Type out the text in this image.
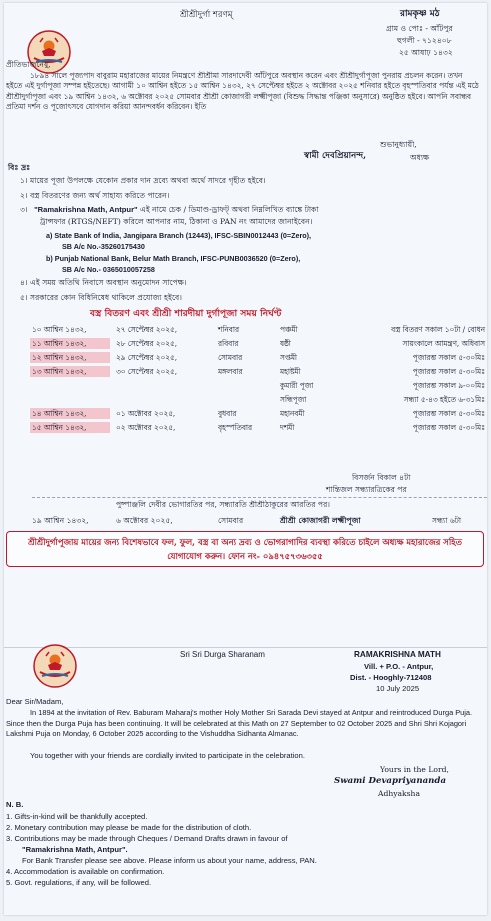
শ্রীশ্রীদুর্গা শরণম্‌	রামকৃষ্ণ মঠ
গ্রাম ও পোঃ - আঁটপুর
হুগলী - ৭১২৪০৮
২৫ আষাঢ় ১৪৩২
প্রীতিভাজনেষু,
১৮৯৪ সালে পূজ্যপাদ বাবুরাম মহারাজের মায়ের নিমন্ত্রণে শ্রীশ্রীমা সারদাদেবী আঁটপুরে অবস্থান করেন এবং শ্রীশ্রীদুর্গাপূজা পুনরায় প্রচলন করেন। তখন হইতে এই দুর্গাপূজা সম্পন্ন হইতেছে। আগামী ১০ আশ্বিন হইতে ১৫ আশ্বিন ১৪৩২, ২৭ সেপ্টেম্বর হইতে ২ অক্টোবর ২০২৫ শনিবার হইতে বৃহস্পতিবার পর্যন্ত এই মঠে শ্রীশ্রীদুর্গাপূজা এবং ১৯ আশ্বিন ১৪৩২, ৬ অক্টোবর ২০২৫ সোমবার শ্রীশ্রী কোজাগরী লক্ষ্মীপূজা (বিশুদ্ধ সিদ্ধান্ত পঞ্জিকা অনুসারে) অনুষ্ঠিত হইবে। আপনি সবান্ধব প্রতিমা দর্শন ও পূজোৎসবে যোগদান করিয়া আনন্দবর্ধন করিবেন। ইতি
শুভানুধ্যায়ী,
স্বামী দেবপ্রিয়ানন্দ,	অধ্যক্ষ
বিঃ দ্রঃ
১। মায়ের পূজা উপলক্ষে যেকোন প্রকার দান দ্রব্যে অথবা অর্থে সাদরে গৃহীত হইবে।
২। বস্ত্র বিতরণের জন্য অর্থ সাহায্য করিতে পারেন।
৩। "Ramakrishna Math, Antpur" এই নামে চেক / ডিমাণ্ড-ড্রাফট্‌ অথবা নিম্নলিখিত ব্যাঙ্কে টাকা
ট্রান্সফার (RTGS/NEFT) করিলে আপনার নাম, ঠিকানা ও PAN নং আমাদের জানাইবেন।
a) State Bank of India, Jangipara Branch (12443), IFSC-SBIN0012443 (0=Zero),
SB A/c No.-35260175430
b) Punjab National Bank, Belur Math Branch, IFSC-PUNB0036520 (0=Zero),
SB A/c No.- 0365010057258
৪। এই সময় অতিথি নিবাসে অবস্থান অনুমোদন সাপেক্ষ।
৫। সরকারের কোন বিধিনিষেধ থাকিলে প্রযোজ্য হইবে।
বস্ত্র বিতরণ এবং শ্রীশ্রী শারদীয়া দুর্গাপূজা সময় নির্ঘণ্ট
১০ আশ্বিন ১৪৩২,	২৭ সেপ্টেম্বর ২০২৫,	শনিবার	পঞ্চমী	বস্ত্র বিতরণ সকাল ১০টা / বোধন
১১ আশ্বিন ১৪৩২,	২৮ সেপ্টেম্বর ২০২৫,	রবিবার	ষষ্ঠী	সায়ংকালে আমন্ত্রণ, অধিবাস
১২ আশ্বিন ১৪৩২,	২৯ সেপ্টেম্বর ২০২৫,	সোমবার	সপ্তমী	পূজারম্ভ সকাল ৫-৩০মিঃ
১৩ আশ্বিন ১৪৩২,	৩০ সেপ্টেম্বর ২০২৫,	মঙ্গলবার	মহাষ্টমী	পূজারম্ভ সকাল ৫-৩০মিঃ
কুমারী পূজা	পূজারম্ভ সকাল ৯-০০মিঃ
সন্ধিপূজা	সন্ধ্যা ৫-৪৩ হইতে ৬-৩১মিঃ
১৪ আশ্বিন ১৪৩২,	০১ অক্টোবর ২০২৫,	বুধবার	মহানবমী	পূজারম্ভ সকাল ৫-৩০মিঃ
১৫ আশ্বিন ১৪৩২,	০২ অক্টোবর ২০২৫,	বৃহস্পতিবার	দশমী	পূজারম্ভ সকাল ৫-৩০মিঃ
বিসর্জন বিকাল ৪টা
শান্তিজল সন্ধ্যারত্রিকের পর
পুষ্পাঞ্জলি দেবীর ভোগারতির পর, সন্ধ্যারতি শ্রীশ্রীঠাকুরের আরতির পর।
১৯ আশ্বিন ১৪৩২,	৬ অক্টোবর ২০২৫,	সোমবার	শ্রীশ্রী কোজাগরী লক্ষ্মীপূজা	সন্ধ্যা ৬টা
শ্রীশ্রীদুর্গাপূজায় মায়ের জন্য বিশেষভাবে ফল, ফুল, বস্ত্র বা অন্য দ্রব্য ও ভোগরাগাদির ব্যবস্থা করিতে চাইলে অধ্যক্ষ মহারাজের সহিত যোগাযোগ করুন। ফোন নং- ০৯৪৭৫৭৩৬৩৫৫
Sri Sri Durga Sharanam	RAMAKRISHNA MATH
Vill. + P.O. - Antpur,
Dist. - Hooghly-712408
10 July 2025
Dear Sir/Madam,
In 1894 at the invitation of Rev. Baburam Maharaj's mother Holy Mother Sri Sarada Devi stayed at Antpur and reintroduced Durga Puja. Since then the Durga Puja has been continuing. It will be celebrated at this Math on 27 September to 02 October 2025 and Shri Shri Kojagori Lakshmi Puja on Monday, 6 October 2025 according to the Vishuddha Sidhanta Almanac.
You together with your friends are cordially invited to participate in the celebration.
Yours in the Lord,
Swami Devapriyananda
Adhyaksha
N. B.
1. Gifts-in-kind will be thankfully accepted.
2. Monetary contribution may please be made for the distribution of cloth.
3. Contributions may be made through Cheques / Demand Drafts drawn in favour of
"Ramakrishna Math, Antpur".
For Bank Transfer please see above. Please inform us about your name, address, PAN.
4. Accommodation is available on confirmation.
5. Govt. regulations, if any, will be followed.
